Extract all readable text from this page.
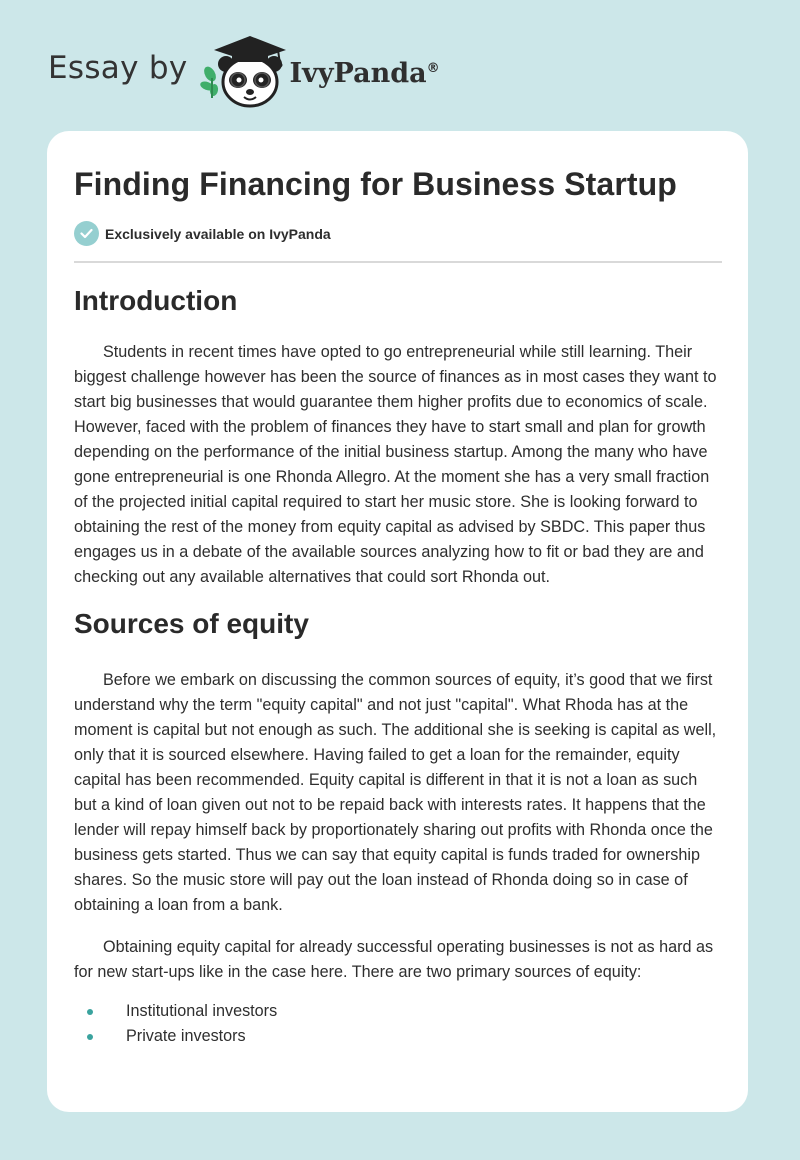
Essay by	IvyPanda®
Finding Financing for Business Startup
Exclusively available on IvyPanda
Introduction

Students in recent times have opted to go entrepreneurial while still learning. Their biggest challenge however has been the source of finances as in most cases they want to start big businesses that would guarantee them higher profits due to economics of scale. However, faced with the problem of finances they have to start small and plan for growth depending on the performance of the initial business startup. Among the many who have gone entrepreneurial is one Rhonda Allegro. At the moment she has a very small fraction of the projected initial capital required to start her music store. She is looking forward to obtaining the rest of the money from equity capital as advised by SBDC. This paper thus engages us in a debate of the available sources analyzing how to fit or bad they are and checking out any available alternatives that could sort Rhonda out.

Sources of equity

Before we embark on discussing the common sources of equity, it’s good that we first understand why the term "equity capital" and not just "capital". What Rhoda has at the moment is capital but not enough as such. The additional she is seeking is capital as well, only that it is sourced elsewhere. Having failed to get a loan for the remainder, equity capital has been recommended. Equity capital is different in that it is not a loan as such but a kind of loan given out not to be repaid back with interests rates. It happens that the lender will repay himself back by proportionately sharing out profits with Rhonda once the business gets started. Thus we can say that equity capital is funds traded for ownership shares. So the music store will pay out the loan instead of Rhonda doing so in case of obtaining a loan from a bank.

Obtaining equity capital for already successful operating businesses is not as hard as for new start-ups like in the case here. There are two primary sources of equity:

Institutional investors
Private investors
